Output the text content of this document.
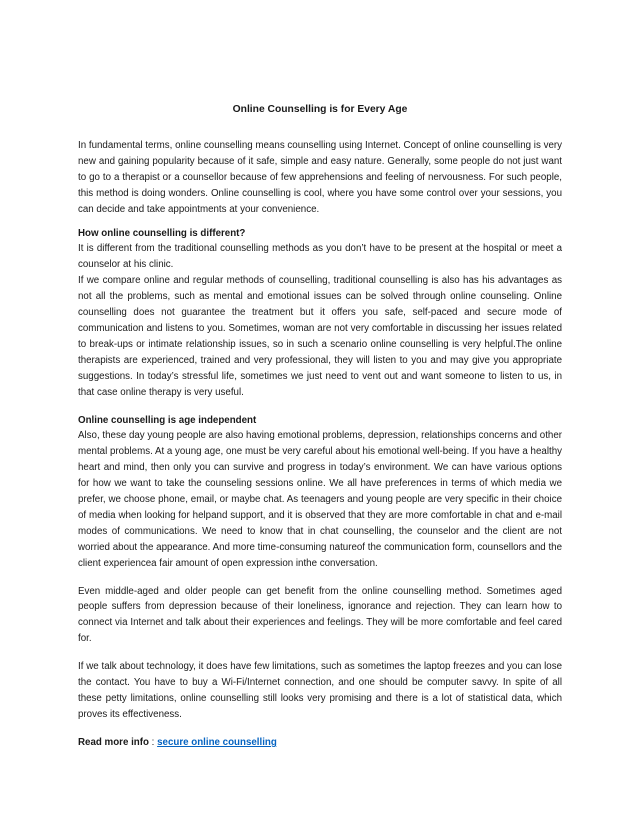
Online Counselling is for Every Age

In fundamental terms, online counselling means counselling using Internet. Concept of online counselling is very new and gaining popularity because of it safe, simple and easy nature. Generally, some people do not just want to go to a therapist or a counsellor because of few apprehensions and feeling of nervousness. For such people, this method is doing wonders. Online counselling is cool, where you have some control over your sessions, you can decide and take appointments at your convenience.

How online counselling is different?

It is different from the traditional counselling methods as you don’t have to be present at the hospital or meet a counselor at his clinic.

If we compare online and regular methods of counselling, traditional counselling is also has his advantages as not all the problems, such as mental and emotional issues can be solved through online counseling. Online counselling does not guarantee the treatment but it offers you safe, self-paced and secure mode of communication and listens to you. Sometimes, woman are not very comfortable in discussing her issues related to break-ups or intimate relationship issues, so in such a scenario online counselling is very helpful.The online therapists are experienced, trained and very professional, they will listen to you and may give you appropriate suggestions. In today’s stressful life, sometimes we just need to vent out and want someone to listen to us, in that case online therapy is very useful.

Online counselling is age independent

Also, these day young people are also having emotional problems, depression, relationships concerns and other mental problems. At a young age, one must be very careful about his emotional well-being. If you have a healthy heart and mind, then only you can survive and progress in today’s environment. We can have various options for how we want to take the counseling sessions online. We all have preferences in terms of which media we prefer, we choose phone, email, or maybe chat. As teenagers and young people are very specific in their choice of media when looking for helpand support, and it is observed that they are more comfortable in chat and e-mail modes of communications. We need to know that in chat counselling, the counselor and the client are not worried about the appearance. And more time-consuming natureof the communication form, counsellors and the client experiencea fair amount of open expression inthe conversation.

Even middle-aged and older people can get benefit from the online counselling method. Sometimes aged people suffers from depression because of their loneliness, ignorance and rejection. They can learn how to connect via Internet and talk about their experiences and feelings. They will be more comfortable and feel cared for.

If we talk about technology, it does have few limitations, such as sometimes the laptop freezes and you can lose the contact. You have to buy a Wi-Fi/Internet connection, and one should be computer savvy. In spite of all these petty limitations, online counselling still looks very promising and there is a lot of statistical data, which proves its effectiveness.

Read more info : secure online counselling
